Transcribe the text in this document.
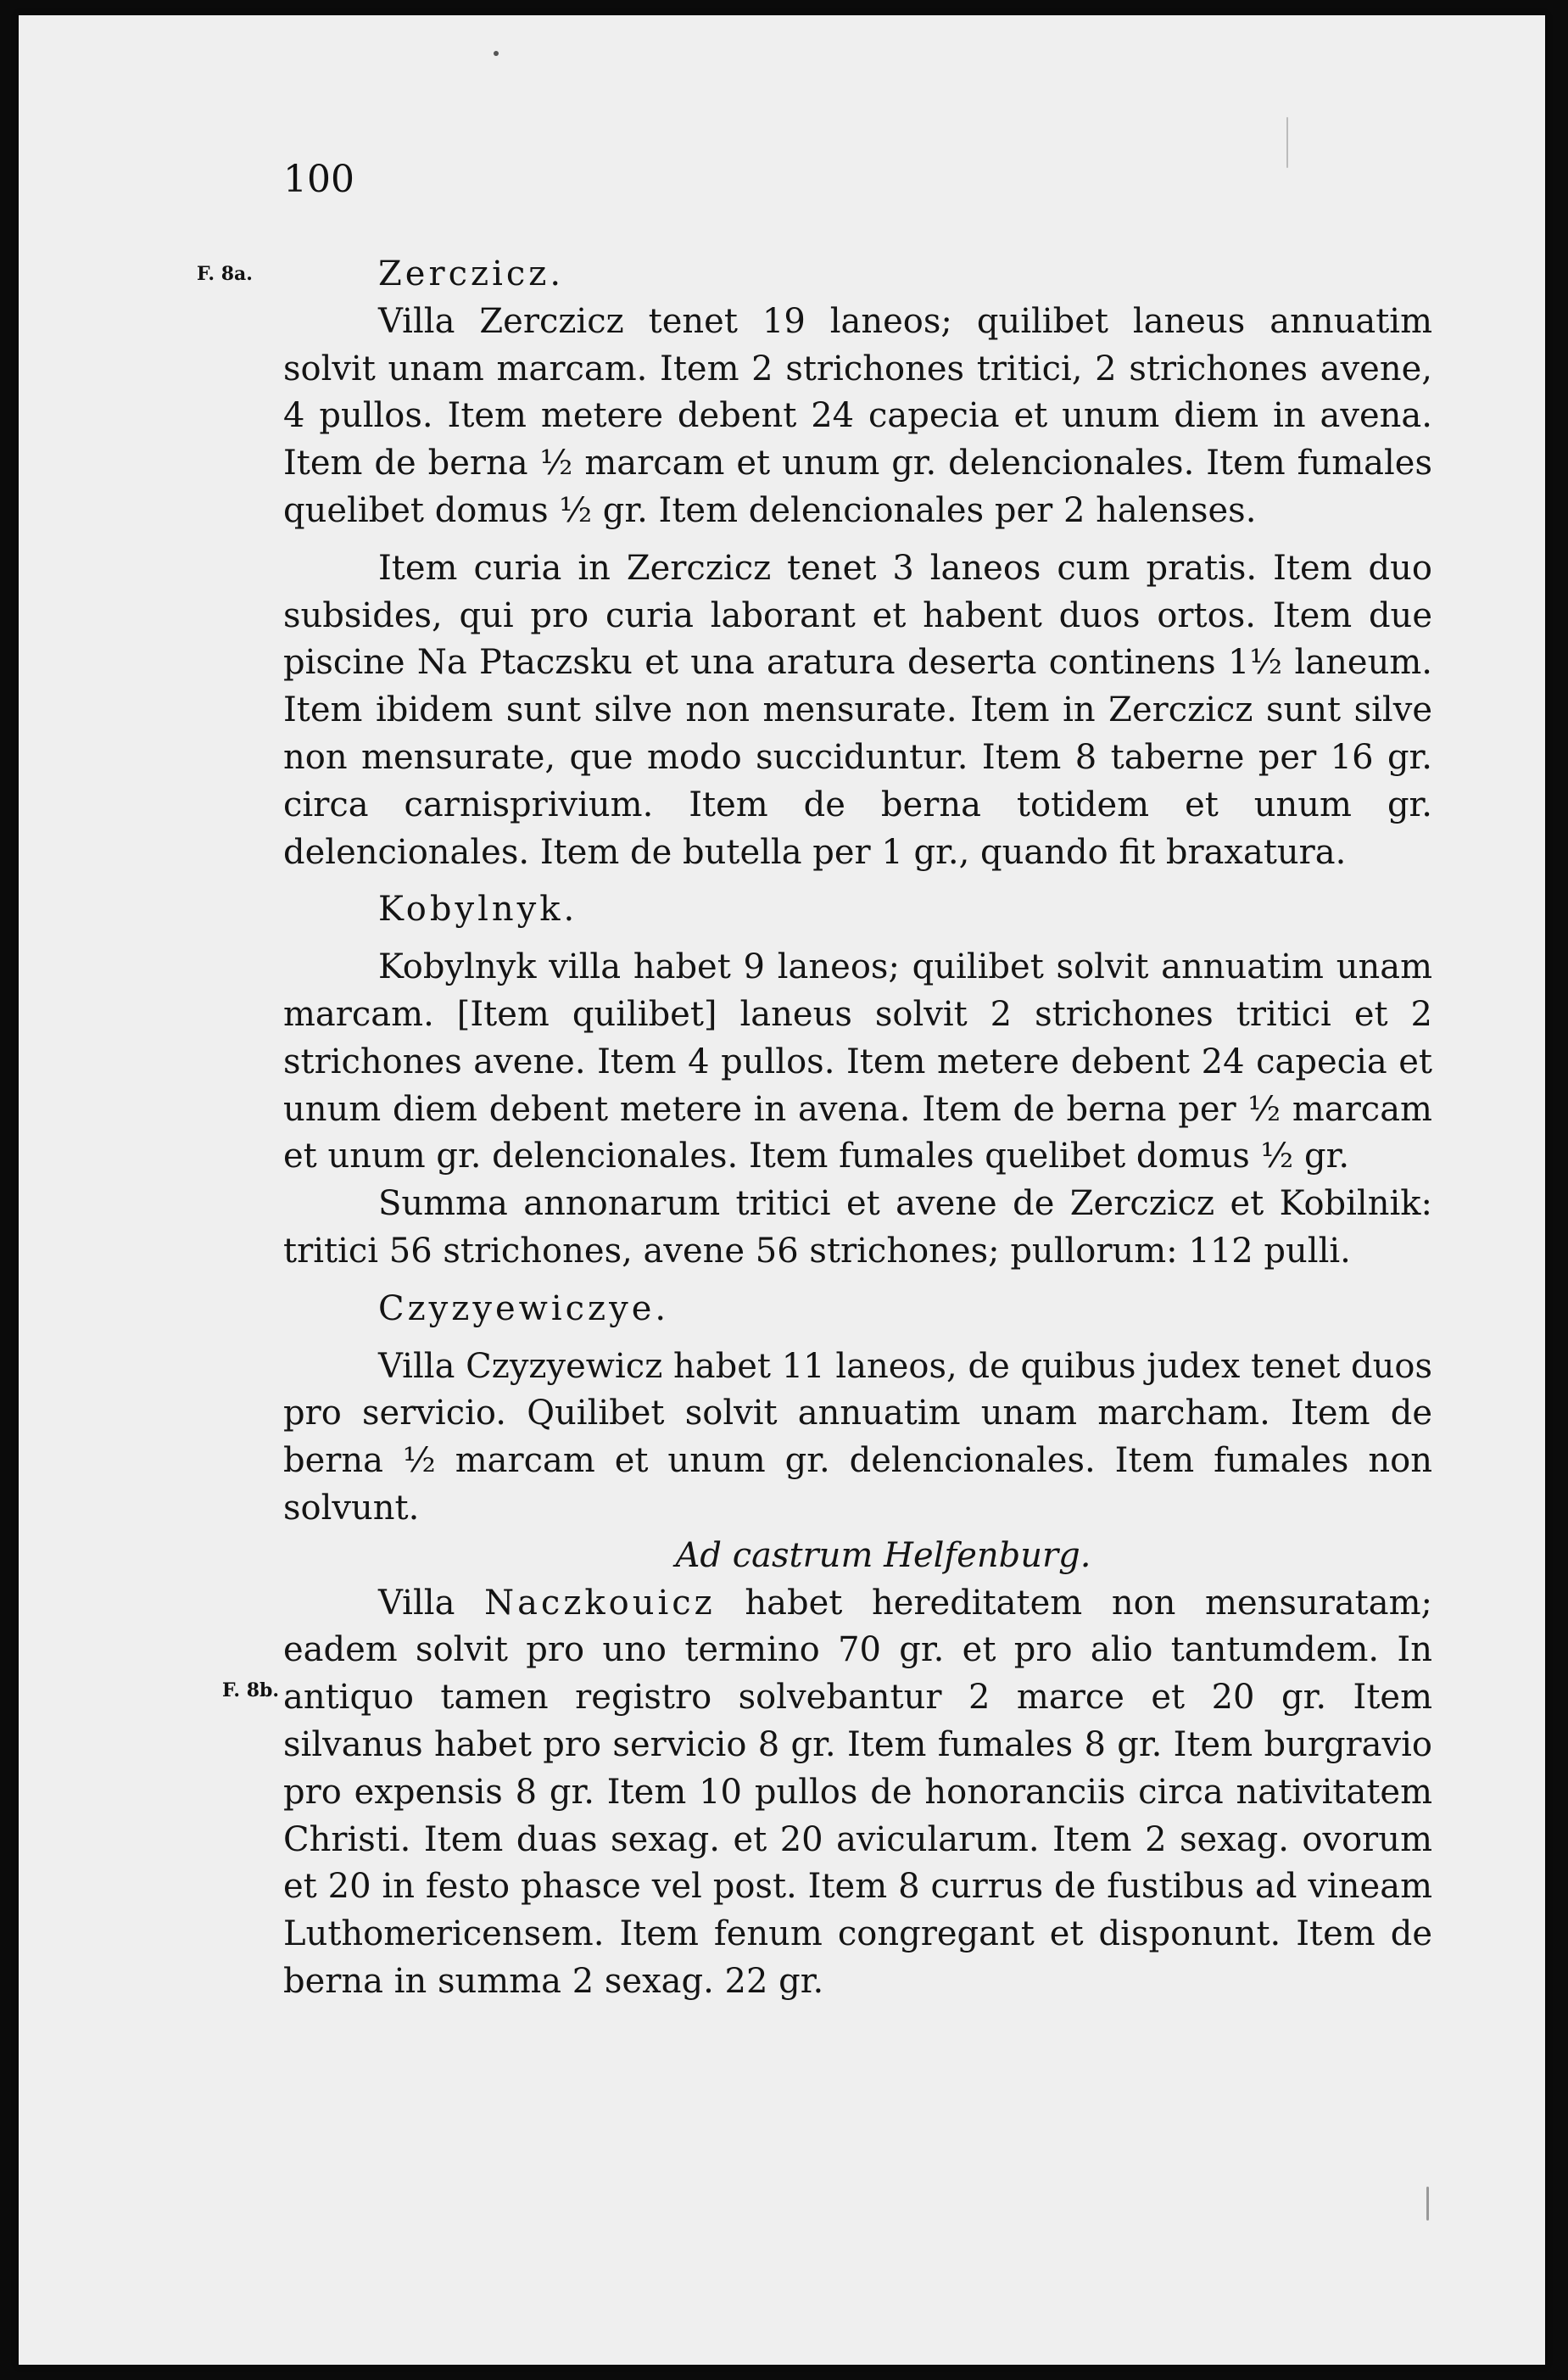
100
F. 8a.
F. 8b.

Zerczicz.

Villa Zerczicz tenet 19 laneos; quilibet laneus annuatim solvit unam marcam. Item 2 strichones tritici, 2 strichones avene, 4 pullos. Item metere debent 24 capecia et unum diem in avena. Item de berna ½ marcam et unum gr. delencionales. Item fumales quelibet domus ½ gr. Item delencionales per 2 halenses.

Item curia in Zerczicz tenet 3 laneos cum pratis. Item duo subsides, qui pro curia laborant et habent duos ortos. Item due piscine Na Ptaczsku et una aratura deserta continens 1½ laneum. Item ibidem sunt silve non mensurate. Item in Zerczicz sunt silve non mensurate, que modo succiduntur. Item 8 taberne per 16 gr. circa carnisprivium. Item de berna totidem et unum gr. delencionales. Item de butella per 1 gr., quando fit braxatura.

Kobylnyk.

Kobylnyk villa habet 9 laneos; quilibet solvit annuatim unam marcam. [Item quilibet] laneus solvit 2 strichones tritici et 2 strichones avene. Item 4 pullos. Item metere debent 24 capecia et unum diem debent metere in avena. Item de berna per ½ marcam et unum gr. delencionales. Item fumales quelibet domus ½ gr.

Summa annonarum tritici et avene de Zerczicz et Kobilnik: tritici 56 strichones, avene 56 strichones; pullorum: 112 pulli.

Czyzyewiczye.

Villa Czyzyewicz habet 11 laneos, de quibus judex tenet duos pro servicio. Quilibet solvit annuatim unam marcham. Item de berna ½ marcam et unum gr. delencionales. Item fumales non solvunt.

Ad castrum Helfenburg.

Villa Naczkouicz habet hereditatem non mensuratam; eadem solvit pro uno termino 70 gr. et pro alio tantumdem. In antiquo tamen registro solvebantur 2 marce et 20 gr. Item silvanus habet pro servicio 8 gr. Item fumales 8 gr. Item burgravio pro expensis 8 gr. Item 10 pullos de honoranciis circa nativitatem Christi. Item duas sexag. et 20 avicularum. Item 2 sexag. ovorum et 20 in festo phasce vel post. Item 8 currus de fustibus ad vineam Luthomericensem. Item fenum congregant et disponunt. Item de berna in summa 2 sexag. 22 gr.
